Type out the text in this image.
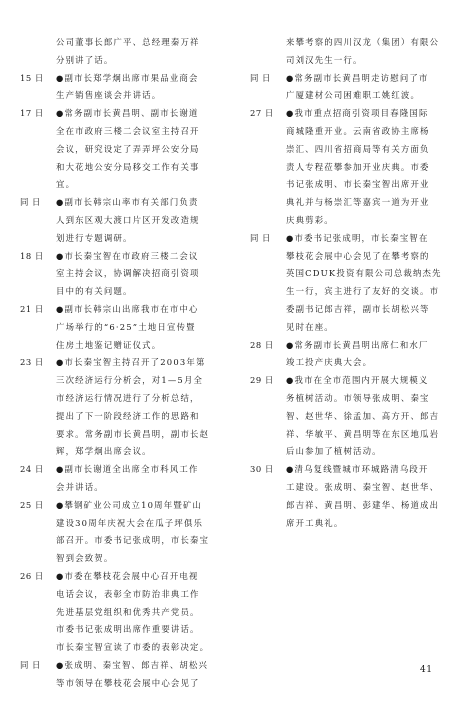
公司董事长郎广平、总经理秦万祥
分别讲了话。
15 日	●副市长郑学炯出席市果品业商会
生产销售座谈会并讲话。
17 日	●常务副市长黄昌明、副市长谢道
全在市政府三楼二会议室主持召开
会议，研究设定了弄弄坪公安分局
和大花地公安分局移交工作有关事
宜。
同 日	●副市长韩宗山率市有关部门负责
人到东区观大渡口片区开发改造规
划进行专题调研。
18 日	●市长秦宝智在市政府三楼二会议
室主持会议，协调解决招商引资项
目中的有关问题。
21 日	●副市长韩宗山出席我市在市中心
广场举行的“6·25”土地日宣传暨
住房土地鉴记赠证仪式。
23 日	●市长秦宝智主持召开了2003年第
三次经济运行分析会，对1—5月全
市经济运行情况进行了分析总结，
提出了下一阶段经济工作的思路和
要求。常务副市长黄昌明，副市长赵
辉，郑学炯出席会议。
24 日	●副市长谢道全出席全市科风工作
会并讲话。
25 日	●攀钢矿业公司成立10周年暨矿山
建设30周年庆祝大会在瓜子坪俱乐
部召开。市委书记张成明，市长秦宝
智到会致贺。
26 日	●市委在攀枝花会展中心召开电视
电话会议，表彰全市防治非典工作
先进基层党组织和优秀共产党员。
市委书记张成明出席作重要讲话。
市长秦宝智宣读了市委的表彰决定。
同 日	●张成明、秦宝智、郎吉祥、胡松兴
等市领导在攀枝花会展中心会见了
来攀考察的四川汉龙（集团）有限公
司刘汉先生一行。
同 日	●常务副市长黄昌明走访慰问了市
广厦建材公司困难职工姚红波。
27 日	●我市重点招商引资项目春隆国际
商城隆重开业。云南省政协主席杨
崇汇、四川省招商局等有关方面负
责人专程莅攀参加开业庆典。市委
书记张成明、市长秦宝智出席开业
典礼并与杨崇汇等嘉宾一道为开业
庆典剪彩。
同 日	●市委书记张成明，市长秦宝智在
攀枝花会展中心会见了在攀考察的
英国CDUK投资有限公司总裁纳杰先
生一行，宾主进行了友好的交谈。市
委副书记郎吉祥，副市长胡松兴等
见时在座。
28 日	●常务副市长黄昌明出席仁和水厂
竣工投产庆典大会。
29 日	●我市在全市范围内开展大规模义
务植树活动。市领导张成明、秦宝
智、赵世华、徐孟加、高方开、郎吉
祥、华敏平、黄昌明等在东区地瓜岩
后山参加了植树活动。
30 日	●清乌复线暨城市环城路清乌段开
工建设。张成明、秦宝智、赵世华、
郎吉祥、黄昌明、彭建华、杨道成出
席开工典礼。
41
